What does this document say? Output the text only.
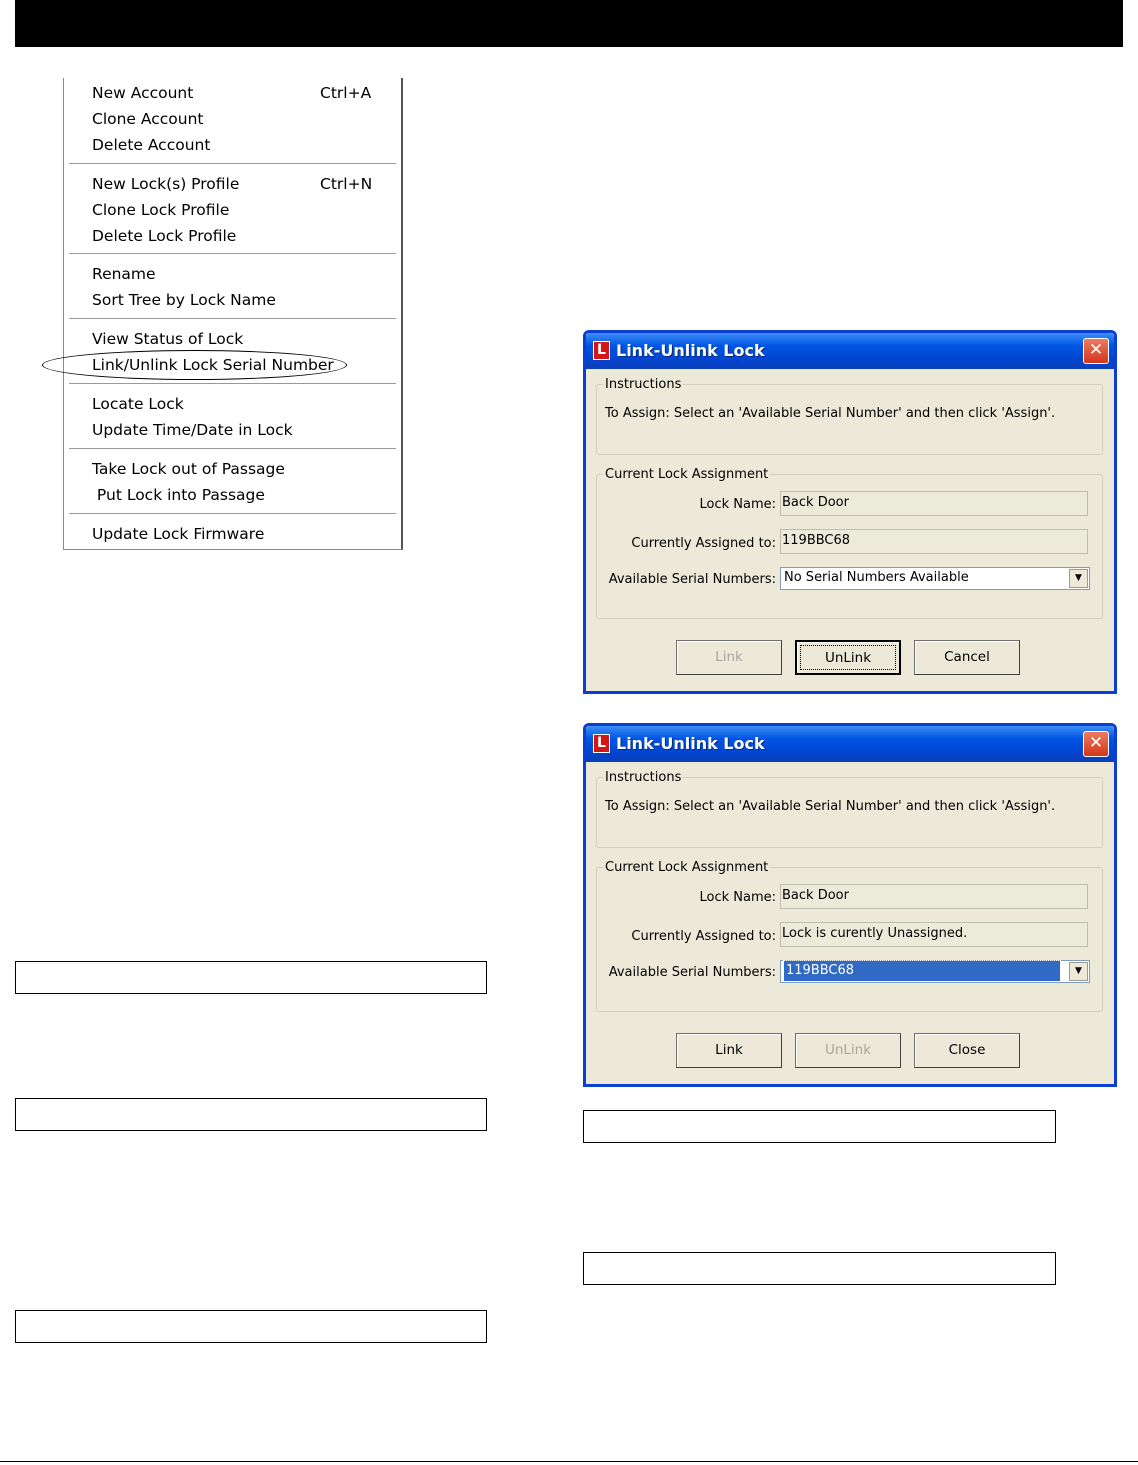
New Account	Ctrl+A
Clone Account
Delete Account
New Lock(s) Profile	Ctrl+N
Clone Lock Profile
Delete Lock Profile
Rename
Sort Tree by Lock Name
View Status of Lock
Link/Unlink Lock Serial Number
Locate Lock
Update Time/Date in Lock
Take Lock out of Passage
Put Lock into Passage
Update Lock Firmware
L Link-Unlink Lock	✕
Instructions
To Assign: Select an 'Available Serial Number' and then click 'Assign'.
Current Lock Assignment
Lock Name: Back Door
Currently Assigned to: 119BBC68
Available Serial Numbers: No Serial Numbers Available	▼
Link	UnLink	Cancel
L Link-Unlink Lock	✕
Instructions
To Assign: Select an 'Available Serial Number' and then click 'Assign'.
Current Lock Assignment
Lock Name: Back Door
Currently Assigned to: Lock is curently Unassigned.
Available Serial Numbers: 119BBC68	▼
Link	UnLink	Close
